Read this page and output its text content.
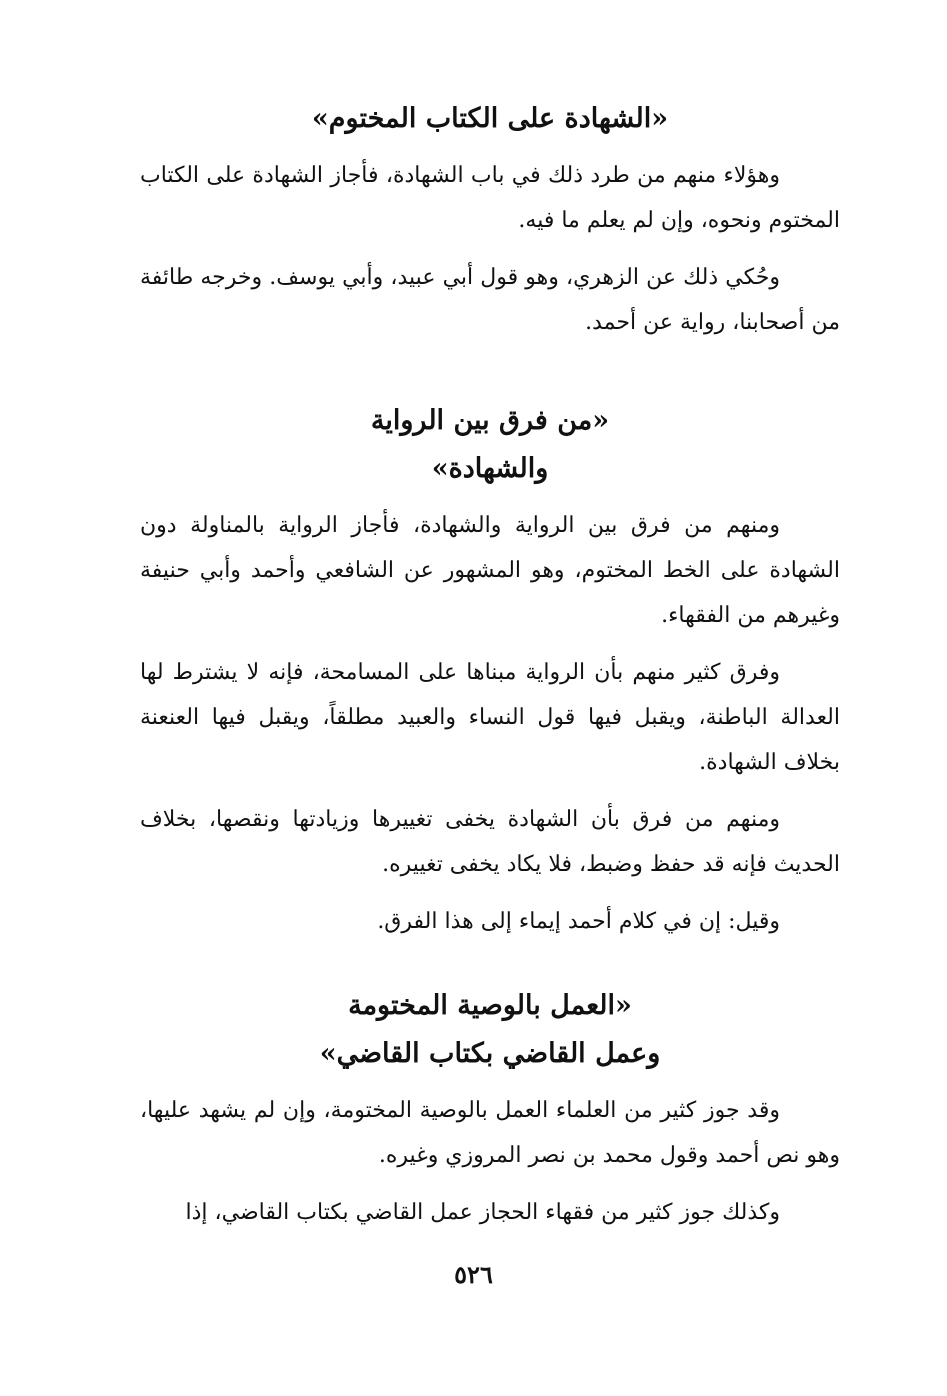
«الشهادة على الكتاب المختوم»

وهؤلاء منهم من طرد ذلك في باب الشهادة، فأجاز الشهادة على الكتاب المختوم ونحوه، وإن لم يعلم ما فيه.

وحُكي ذلك عن الزهري، وهو قول أبي عبيد، وأبي يوسف. وخرجه طائفة من أصحابنا، رواية عن أحمد.

«من فرق بين الرواية
والشهادة»

ومنهم من فرق بين الرواية والشهادة، فأجاز الرواية بالمناولة دون الشهادة على الخط المختوم، وهو المشهور عن الشافعي وأحمد وأبي حنيفة وغيرهم من الفقهاء.

وفرق كثير منهم بأن الرواية مبناها على المسامحة، فإنه لا يشترط لها العدالة الباطنة، ويقبل فيها قول النساء والعبيد مطلقاً، ويقبل فيها العنعنة بخلاف الشهادة.

ومنهم من فرق بأن الشهادة يخفى تغييرها وزيادتها ونقصها، بخلاف الحديث فإنه قد حفظ وضبط، فلا يكاد يخفى تغييره.

وقيل: إن في كلام أحمد إيماء إلى هذا الفرق.

«العمل بالوصية المختومة
وعمل القاضي بكتاب القاضي»

وقد جوز كثير من العلماء العمل بالوصية المختومة، وإن لم يشهد عليها، وهو نص أحمد وقول محمد بن نصر المروزي وغيره.

وكذلك جوز كثير من فقهاء الحجاز عمل القاضي بكتاب القاضي، إذا

٥٢٦
